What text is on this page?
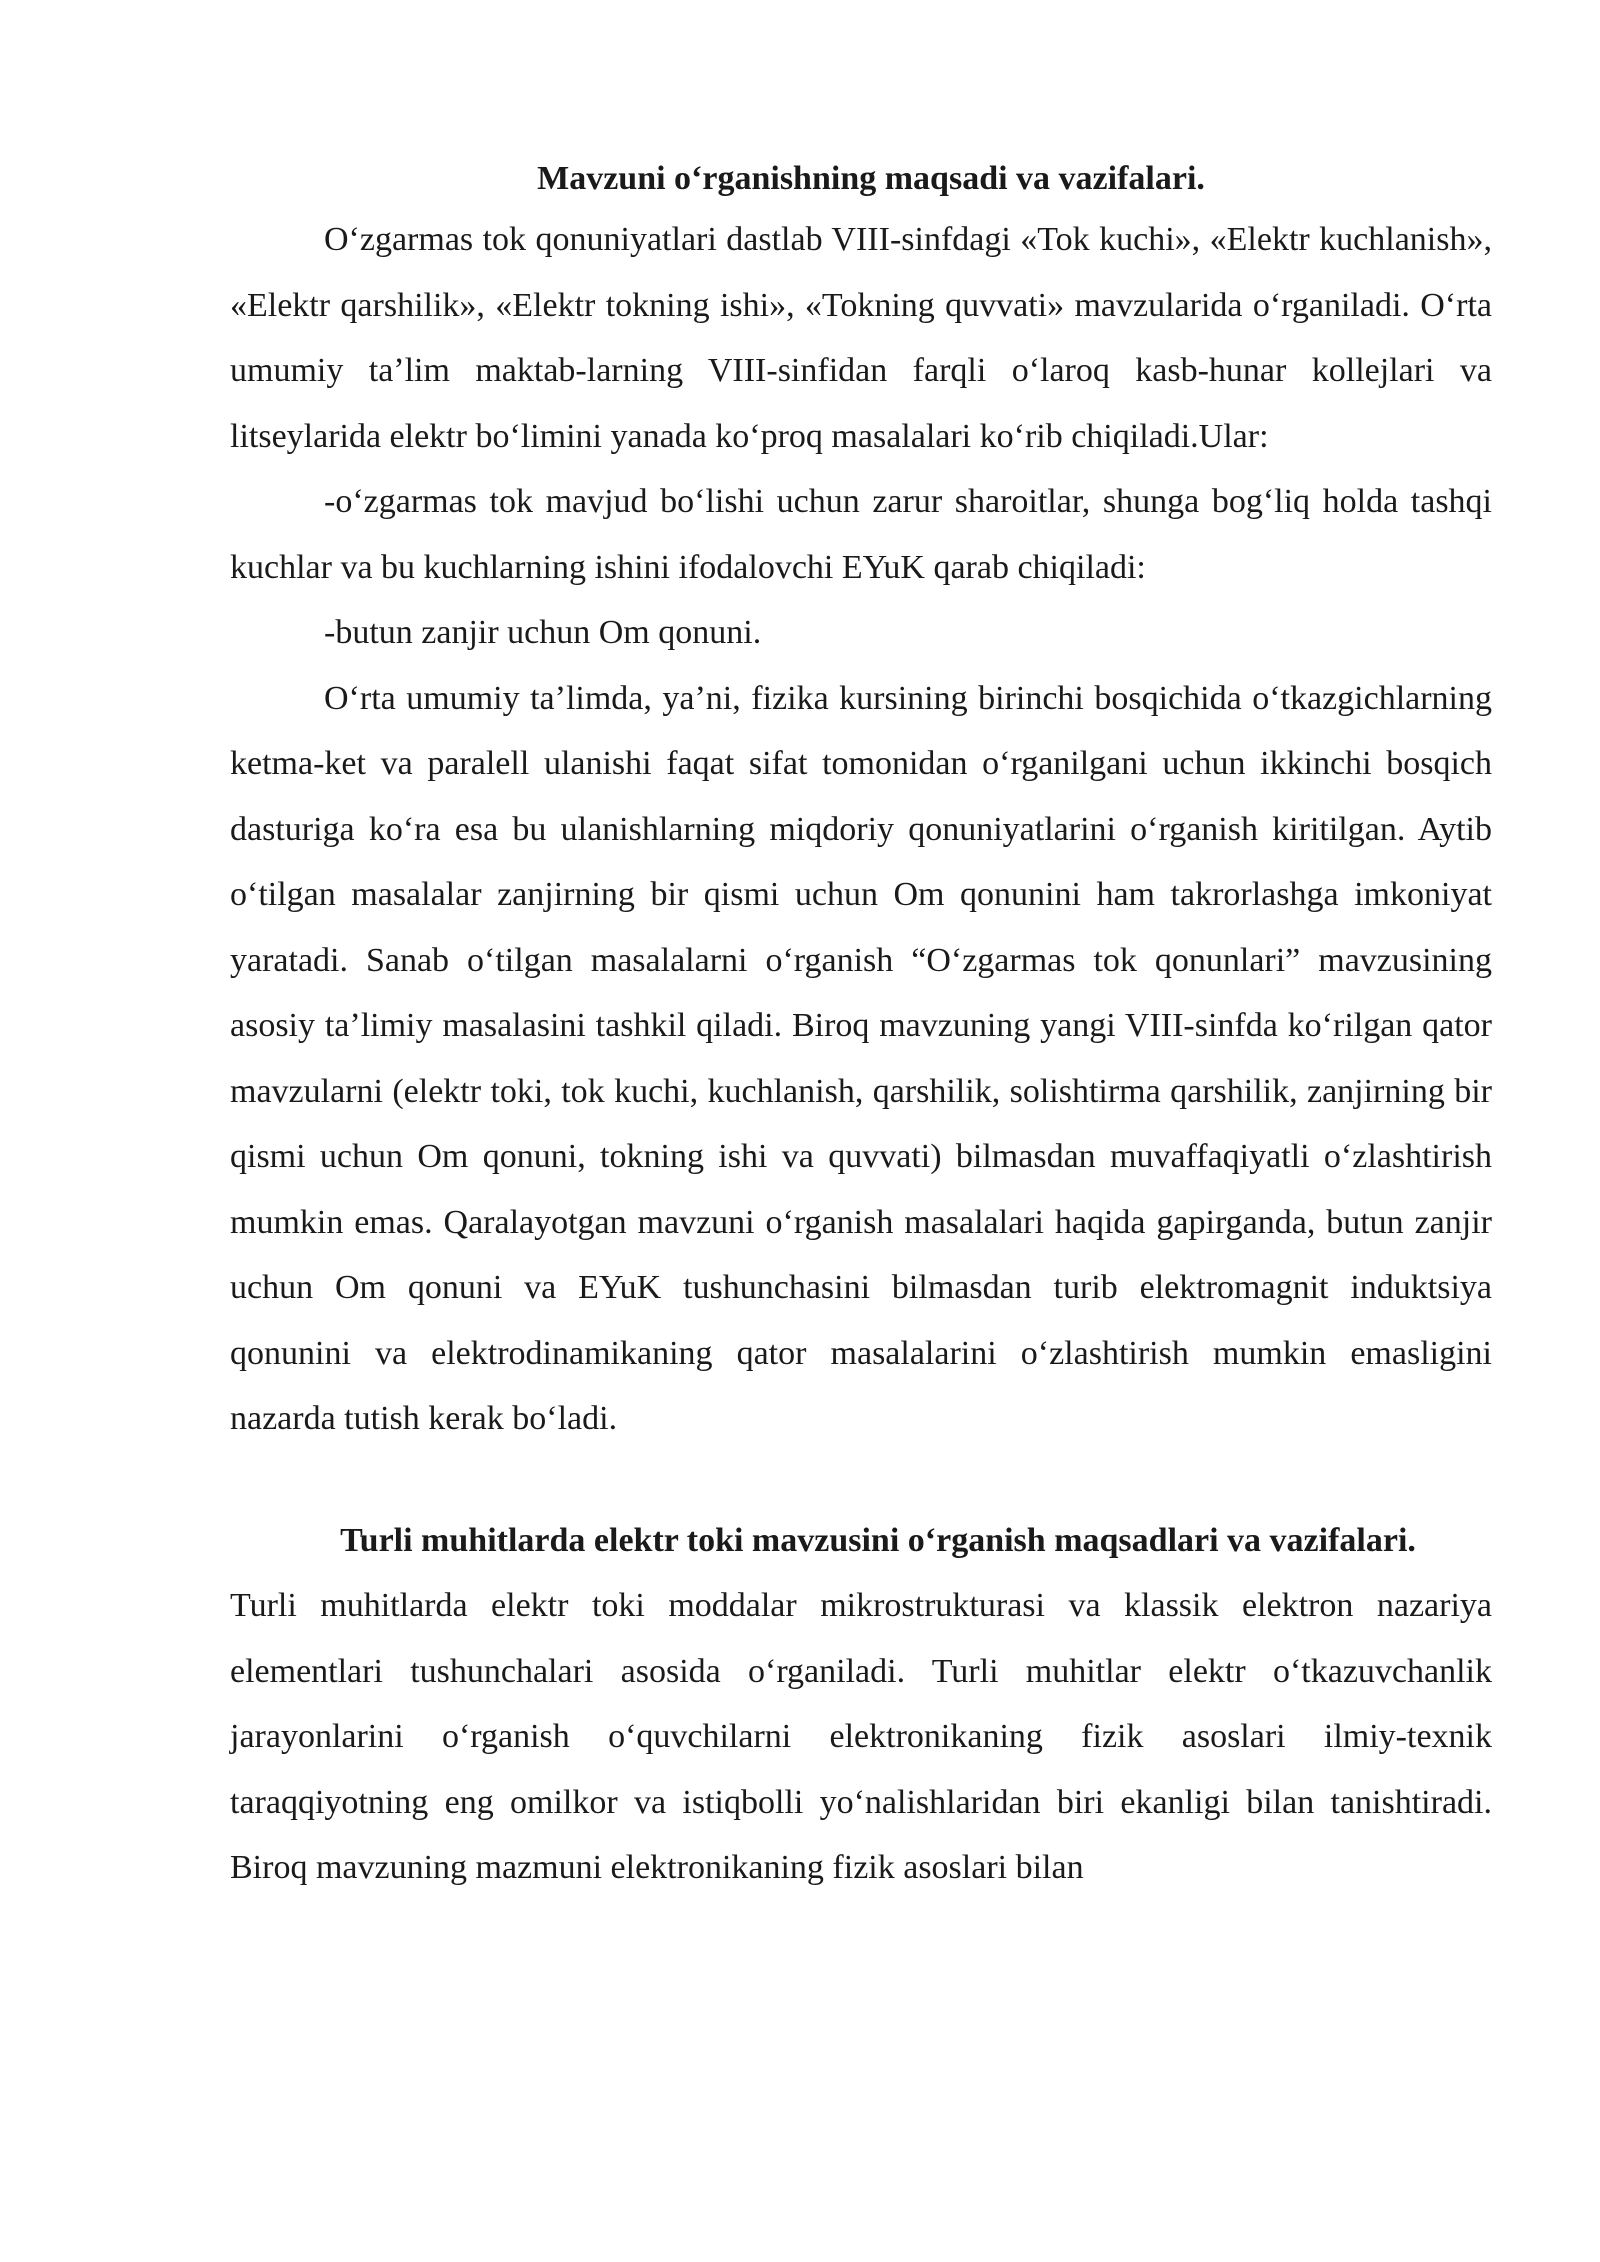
Mavzuni oʻrganishning maqsadi va vazifalari.

Oʻzgarmas tok qonuniyatlari dastlab VIII-sinfdagi «Tok kuchi», «Elektr kuchlanish», «Elektr qarshilik», «Elektr tokning ishi», «Tokning quvvati» mavzularida oʻrganiladi. Oʻrta umumiy taʼlim maktab-larning VIII-sinfidan farqli oʻlaroq kasb-hunar kollejlari va litseylarida elektr boʻlimini yanada koʻproq masalalari koʻrib chiqiladi.Ular:

-oʻzgarmas tok mavjud boʻlishi uchun zarur sharoitlar, shunga bogʻliq holda tashqi kuchlar va bu kuchlarning ishini ifodalovchi EYuK qarab chiqiladi:

-butun zanjir uchun Om qonuni.

Oʻrta umumiy taʼlimda, yaʼni, fizika kursining birinchi bosqichida oʻtkazgichlarning ketma-ket va paralell ulanishi faqat sifat tomonidan oʻrganilgani uchun ikkinchi bosqich dasturiga koʻra esa bu ulanishlarning miqdoriy qonuniyatlarini oʻrganish kiritilgan. Aytib oʻtilgan masalalar zanjirning bir qismi uchun Om qonunini ham takrorlashga imkoniyat yaratadi. Sanab oʻtilgan masalalarni oʻrganish “Oʻzgarmas tok qonunlari” mavzusining asosiy taʼlimiy masalasini tashkil qiladi. Biroq mavzuning yangi VIII-sinfda koʻrilgan qator mavzularni (elektr toki, tok kuchi, kuchlanish, qarshilik, solishtirma qarshilik, zanjirning bir qismi uchun Om qonuni, tokning ishi va quvvati) bilmasdan muvaffaqiyatli oʻzlashtirish mumkin emas. Qaralayotgan mavzuni oʻrganish masalalari haqida gapirganda, butun zanjir uchun Om qonuni va EYuK tushunchasini bilmasdan turib elektromagnit induktsiya qonunini va elektrodinamikaning qator masalalarini oʻzlashtirish mumkin emasligini nazarda tutish kerak boʻladi.

Turli muhitlarda elektr toki mavzusini oʻrganish maqsadlari va vazifalari.

Turli muhitlarda elektr toki moddalar mikrostrukturasi va klassik elektron nazariya elementlari tushunchalari asosida oʻrganiladi. Turli muhitlar elektr oʻtkazuvchanlik jarayonlarini oʻrganish oʻquvchilarni elektronikaning fizik asoslari ilmiy-texnik taraqqiyotning eng omilkor va istiqbolli yoʻnalishlaridan biri ekanligi bilan tanishtiradi. Biroq mavzuning mazmuni elektronikaning fizik asoslari bilan
